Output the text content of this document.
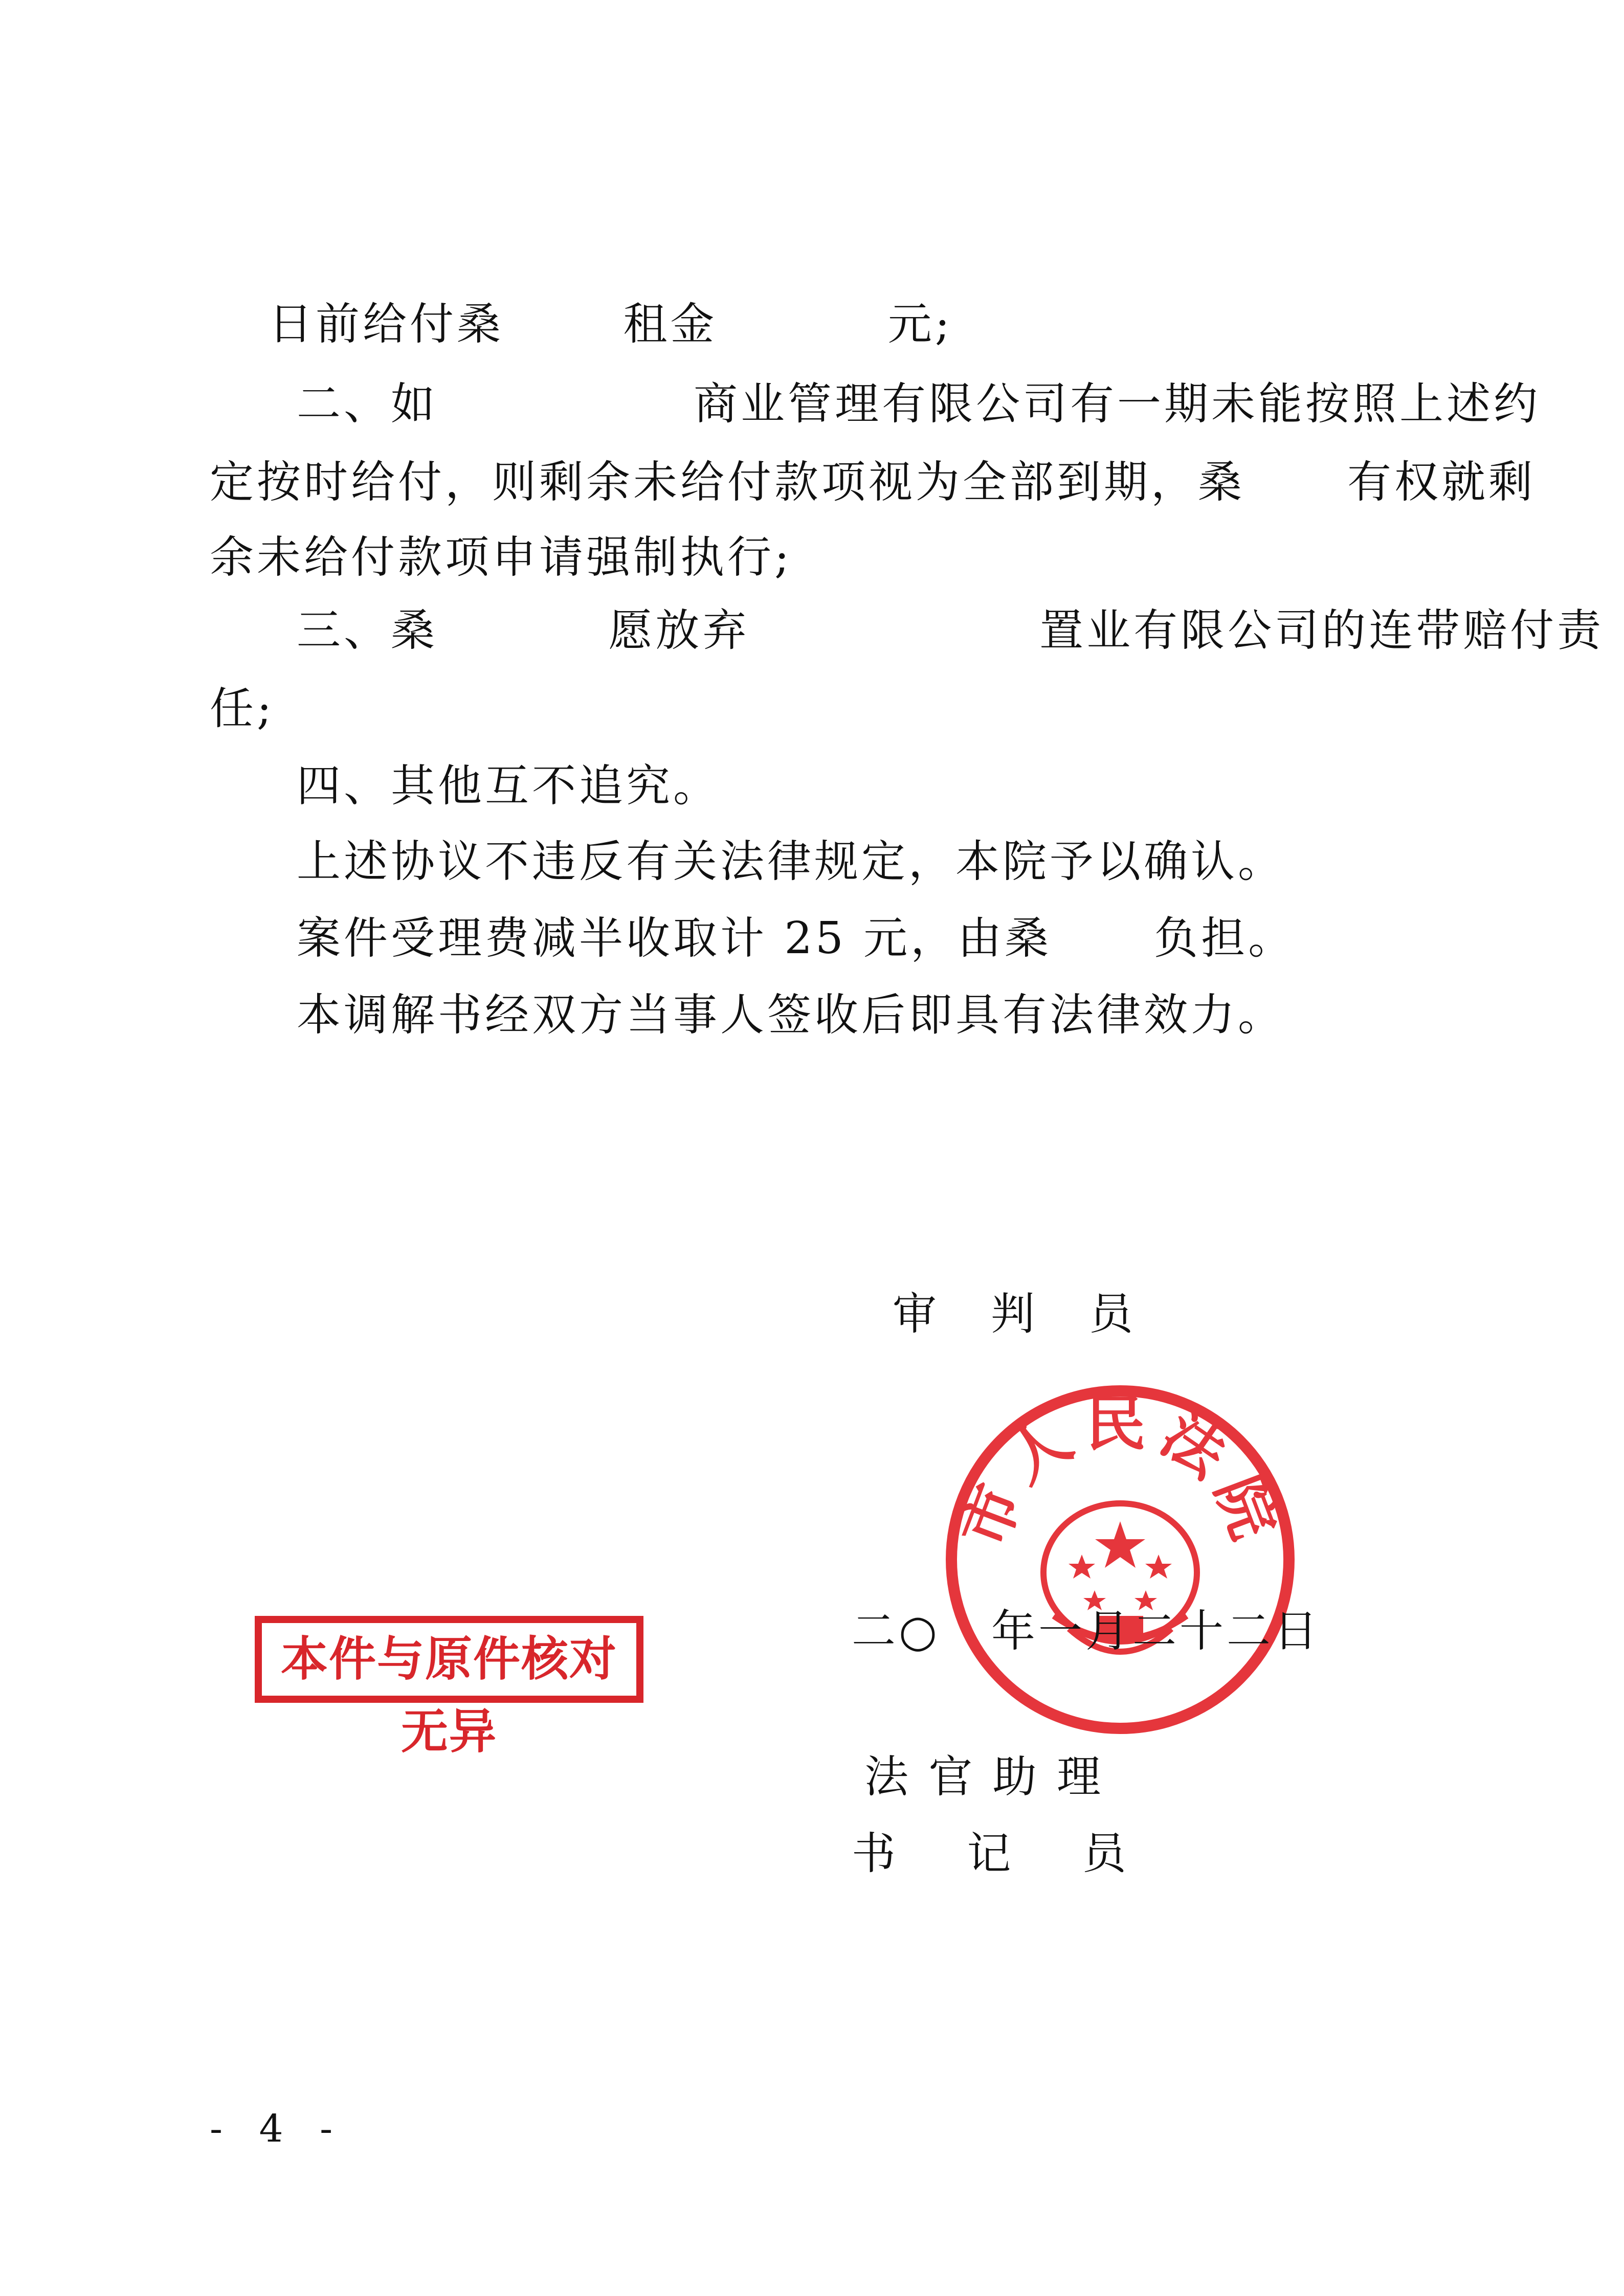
日前给付桑       租金          元;
二、如               商业管理有限公司有一期未能按照上述约
定按时给付，则剩余未给付款项视为全部到期，桑      有权就剩
余未给付款项申请强制执行;
三、桑          愿放弃                 置业有限公司的连带赔付责
任;
四、其他互不追究。
上述协议不违反有关法律规定，本院予以确认。
案件受理费减半收取计 25 元，由桑      负担。
本调解书经双方当事人签收后即具有法律效力。
审   判   员
市人民法院
二○   年一月二十二日
法 官 助 理
书    记    员
本件与原件核对无异
- 4 -
